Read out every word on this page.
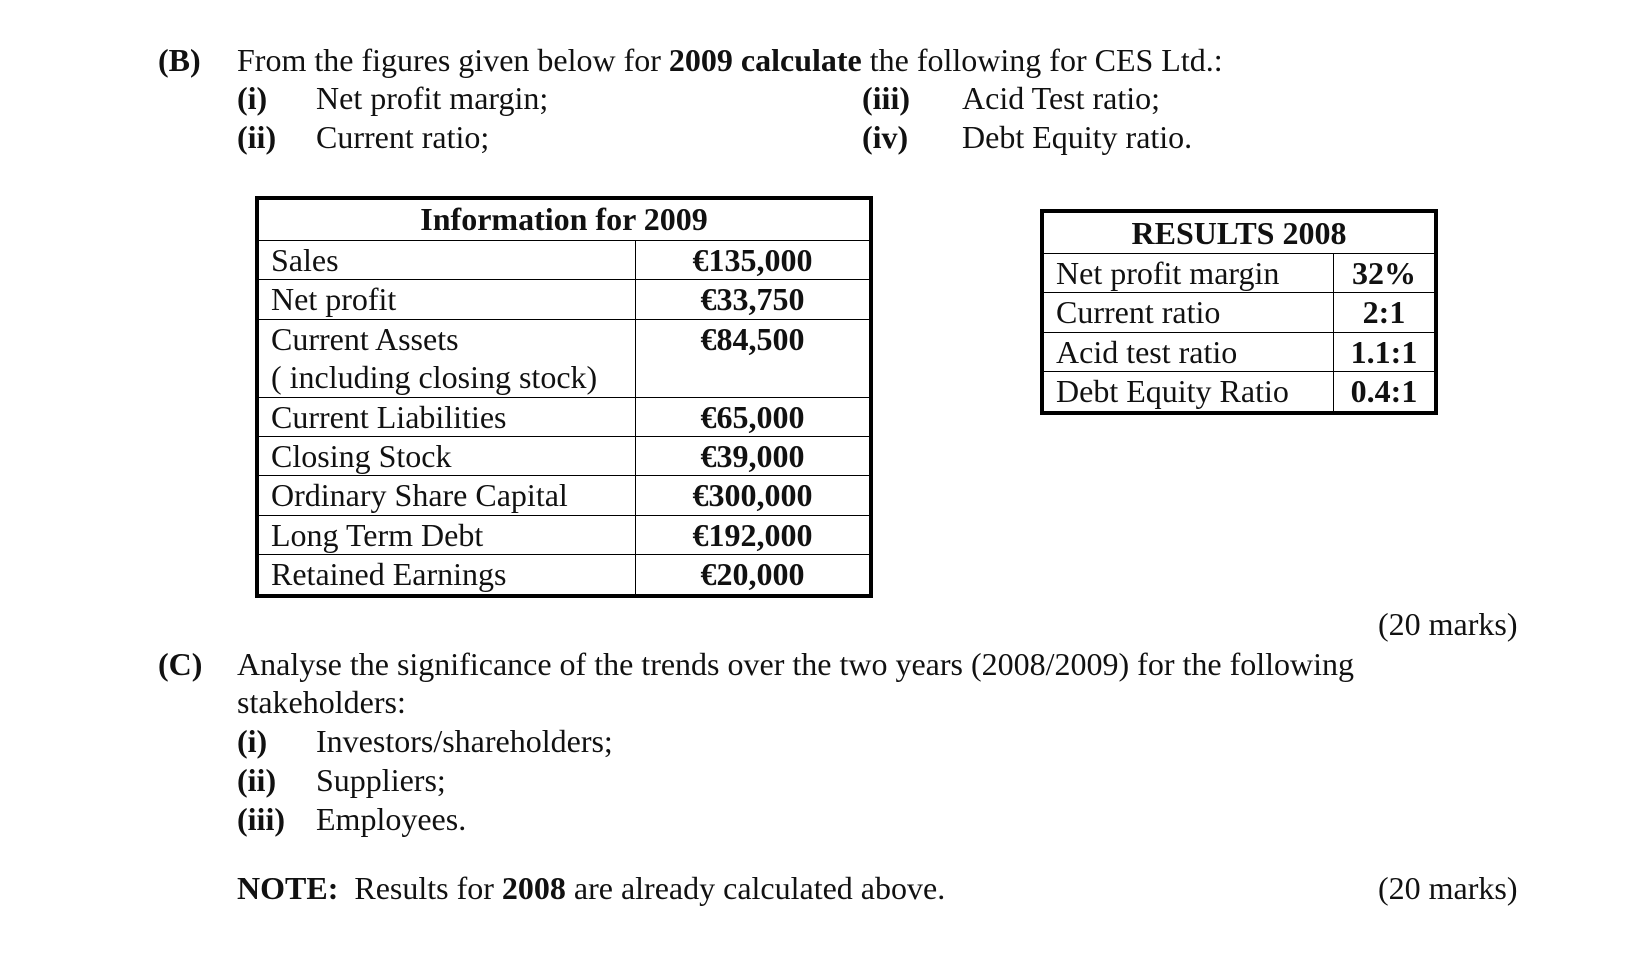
(B) From the figures given below for 2009 calculate the following for CES Ltd.:
(i) Net profit margin;
(ii) Current ratio;
(iii) Acid Test ratio;
(iv) Debt Equity ratio.
Information for 2009	
Sales	€135,000
Net profit	€33,750

Current Assets
( including closing stock)	€84,500
Current Liabilities	€65,000
Closing Stock	€39,000
Ordinary Share Capital	€300,000
Long Term Debt	€192,000
Retained Earnings	€20,000
RESULTS 2008	
Net profit margin	32%
Current ratio	2:1
Acid test ratio	1.1:1
Debt Equity Ratio	0.4:1
(20 marks)
(C) Analyse the significance of the trends over the two years (2008/2009) for the following
stakeholders:
(i) Investors/shareholders;
(ii) Suppliers;
(iii) Employees.
NOTE: Results for 2008 are already calculated above.	(20 marks)
